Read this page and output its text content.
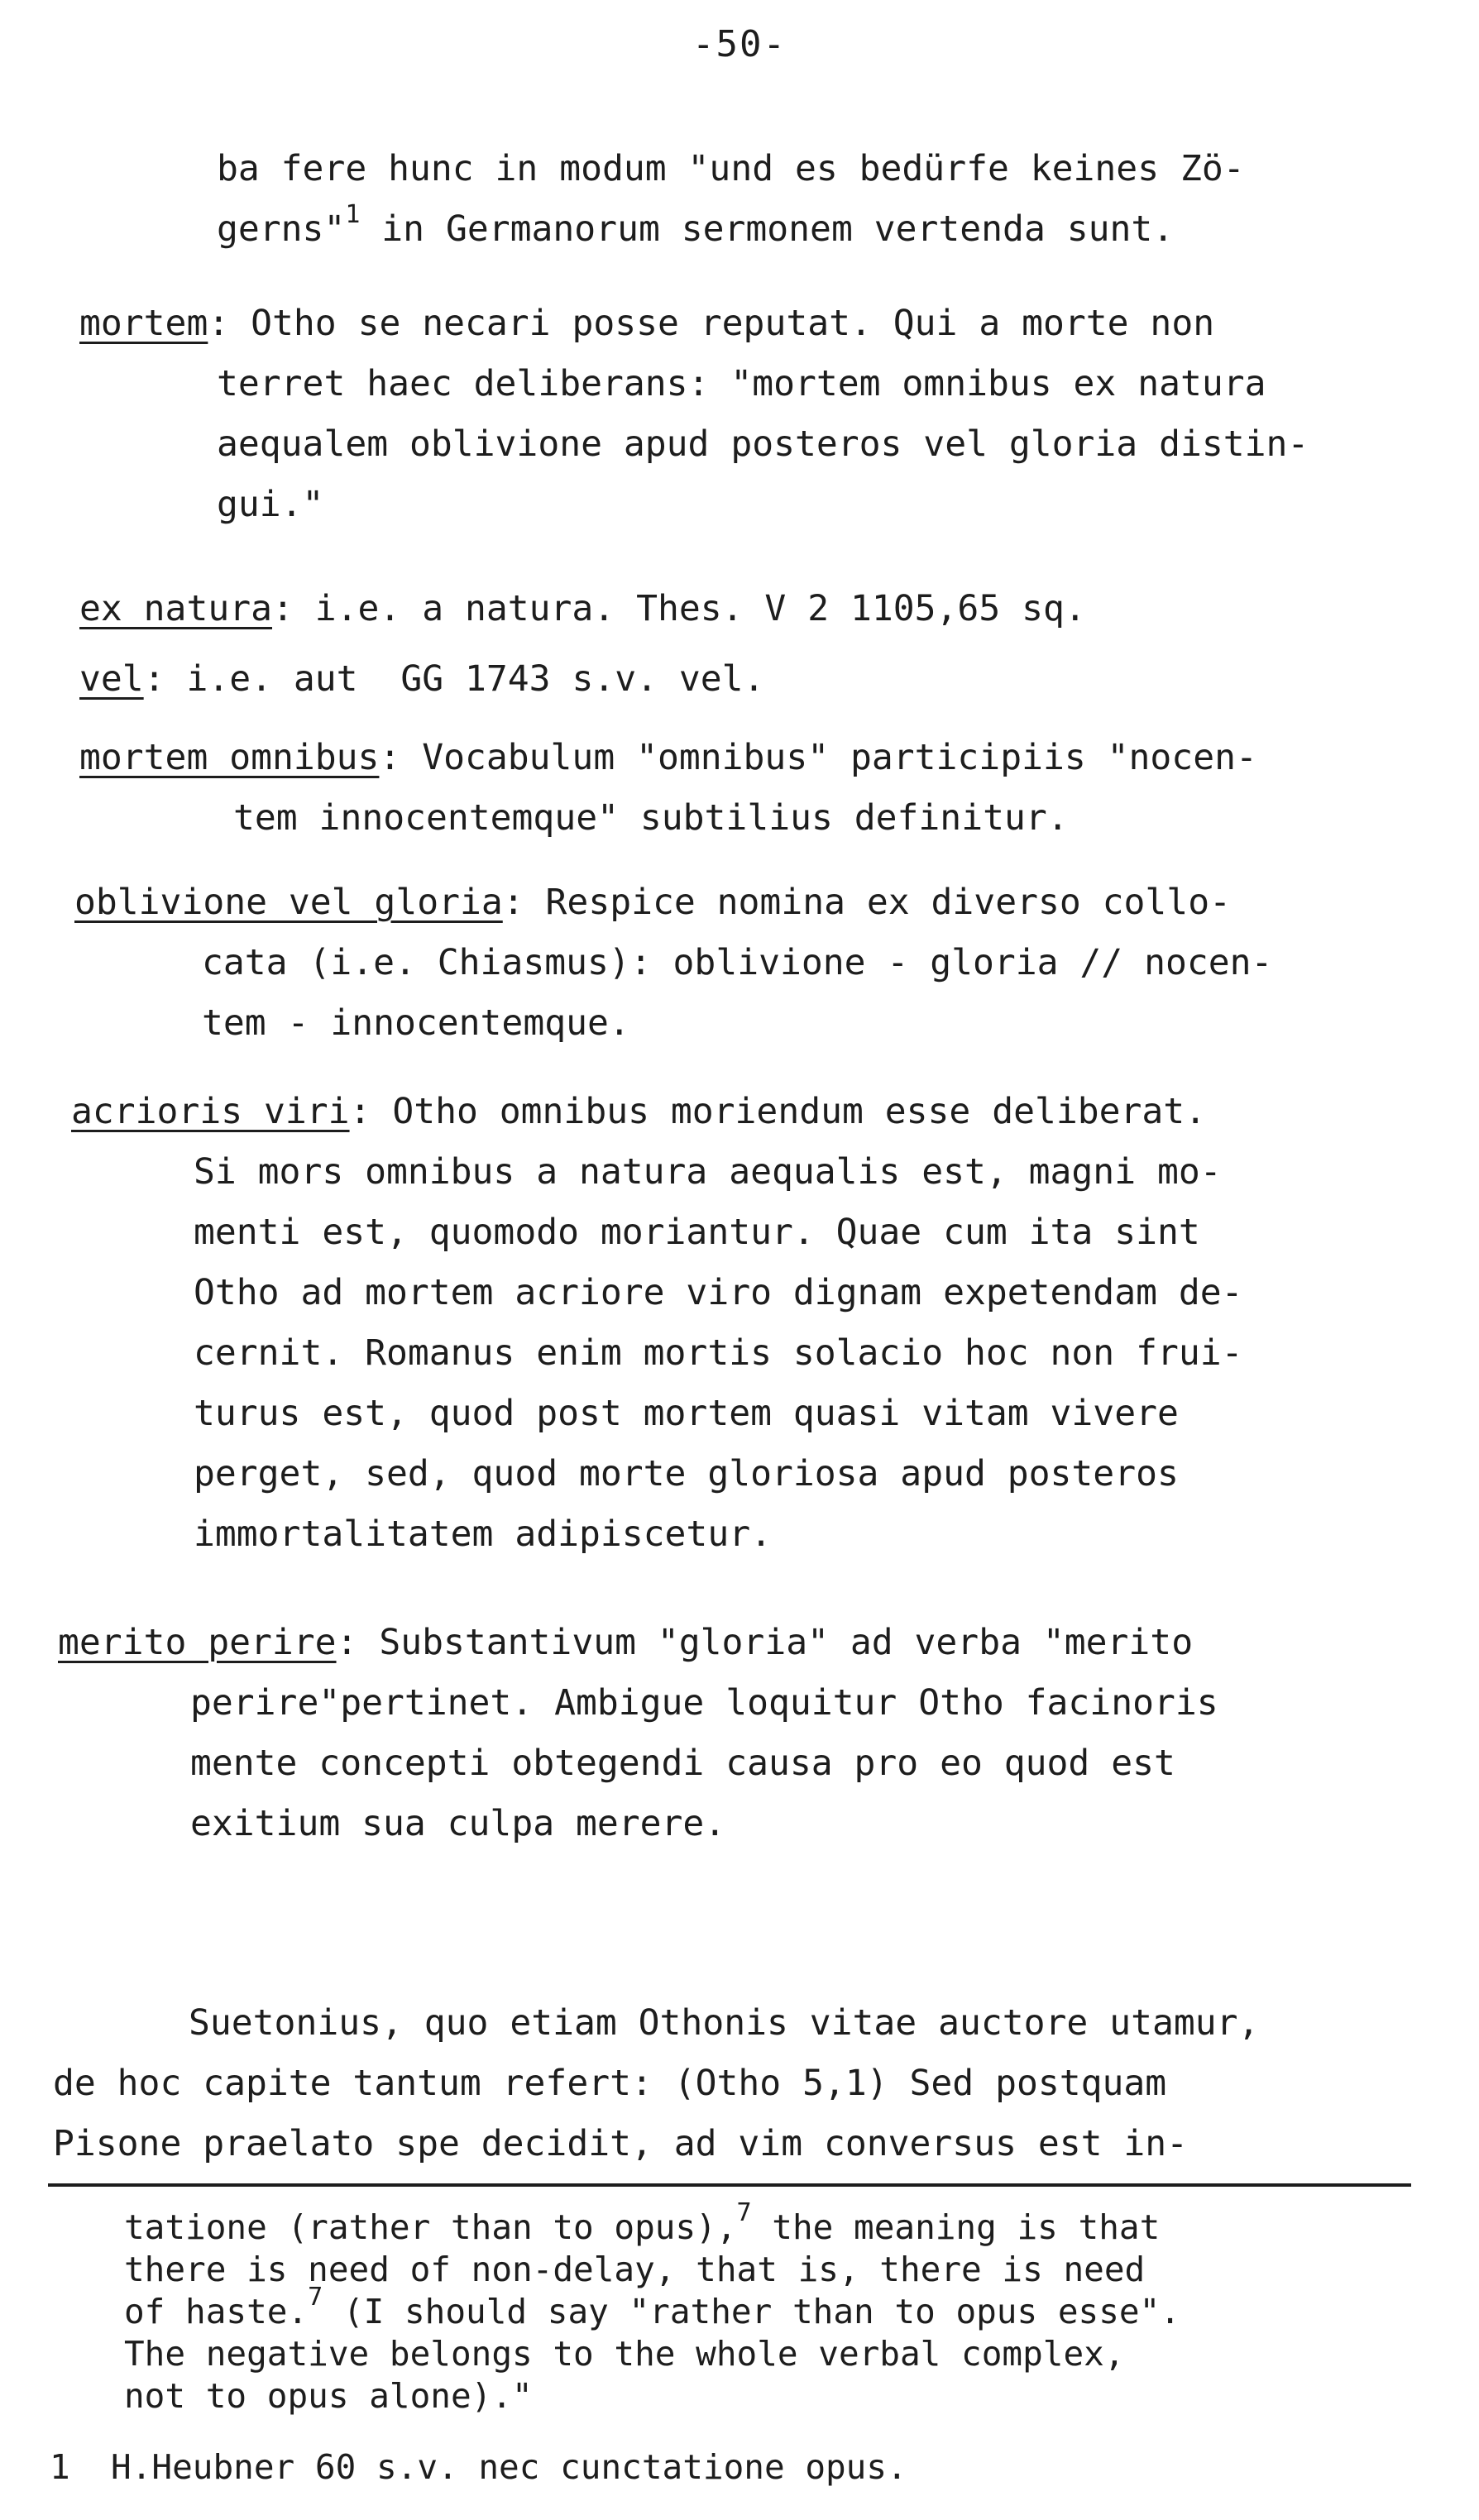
-50-
ba fere hunc in modum "und es bedürfe keines Zö-
gerns"$^1$ in Germanorum sermonem vertenda sunt.
mortem: Otho se necari posse reputat. Qui a morte non
terret haec deliberans: "mortem omnibus ex natura
aequalem oblivione apud posteros vel gloria distin-
gui."
ex natura: i.e. a natura. Thes. V 2 1105,65 sq.
vel: i.e. aut  GG 1743 s.v. vel.
mortem omnibus: Vocabulum "omnibus" participiis "nocen-
tem innocentemque" subtilius definitur.
oblivione vel gloria: Respice nomina ex diverso collo-
cata (i.e. Chiasmus): oblivione - gloria // nocen-
tem - innocentemque.
acrioris viri: Otho omnibus moriendum esse deliberat.
Si mors omnibus a natura aequalis est, magni mo-
menti est, quomodo moriantur. Quae cum ita sint
Otho ad mortem acriore viro dignam expetendam de-
cernit. Romanus enim mortis solacio hoc non frui-
turus est, quod post mortem quasi vitam vivere
perget, sed, quod morte gloriosa apud posteros
immortalitatem adipiscetur.
merito perire: Substantivum "gloria" ad verba "merito
perire"pertinet. Ambigue loquitur Otho facinoris
mente concepti obtegendi causa pro eo quod est
exitium sua culpa merere.
Suetonius, quo etiam Othonis vitae auctore utamur,
de hoc capite tantum refert: (Otho 5,1) Sed postquam
Pisone praelato spe decidit, ad vim conversus est in-
tatione (rather than to opus),$^7$ the meaning is that
there is need of non-delay, that is, there is need
of haste.$^7$ (I should say "rather than to opus esse".
The negative belongs to the whole verbal complex,
not to opus alone)."
1  H.Heubner 60 s.v. nec cunctatione opus.
